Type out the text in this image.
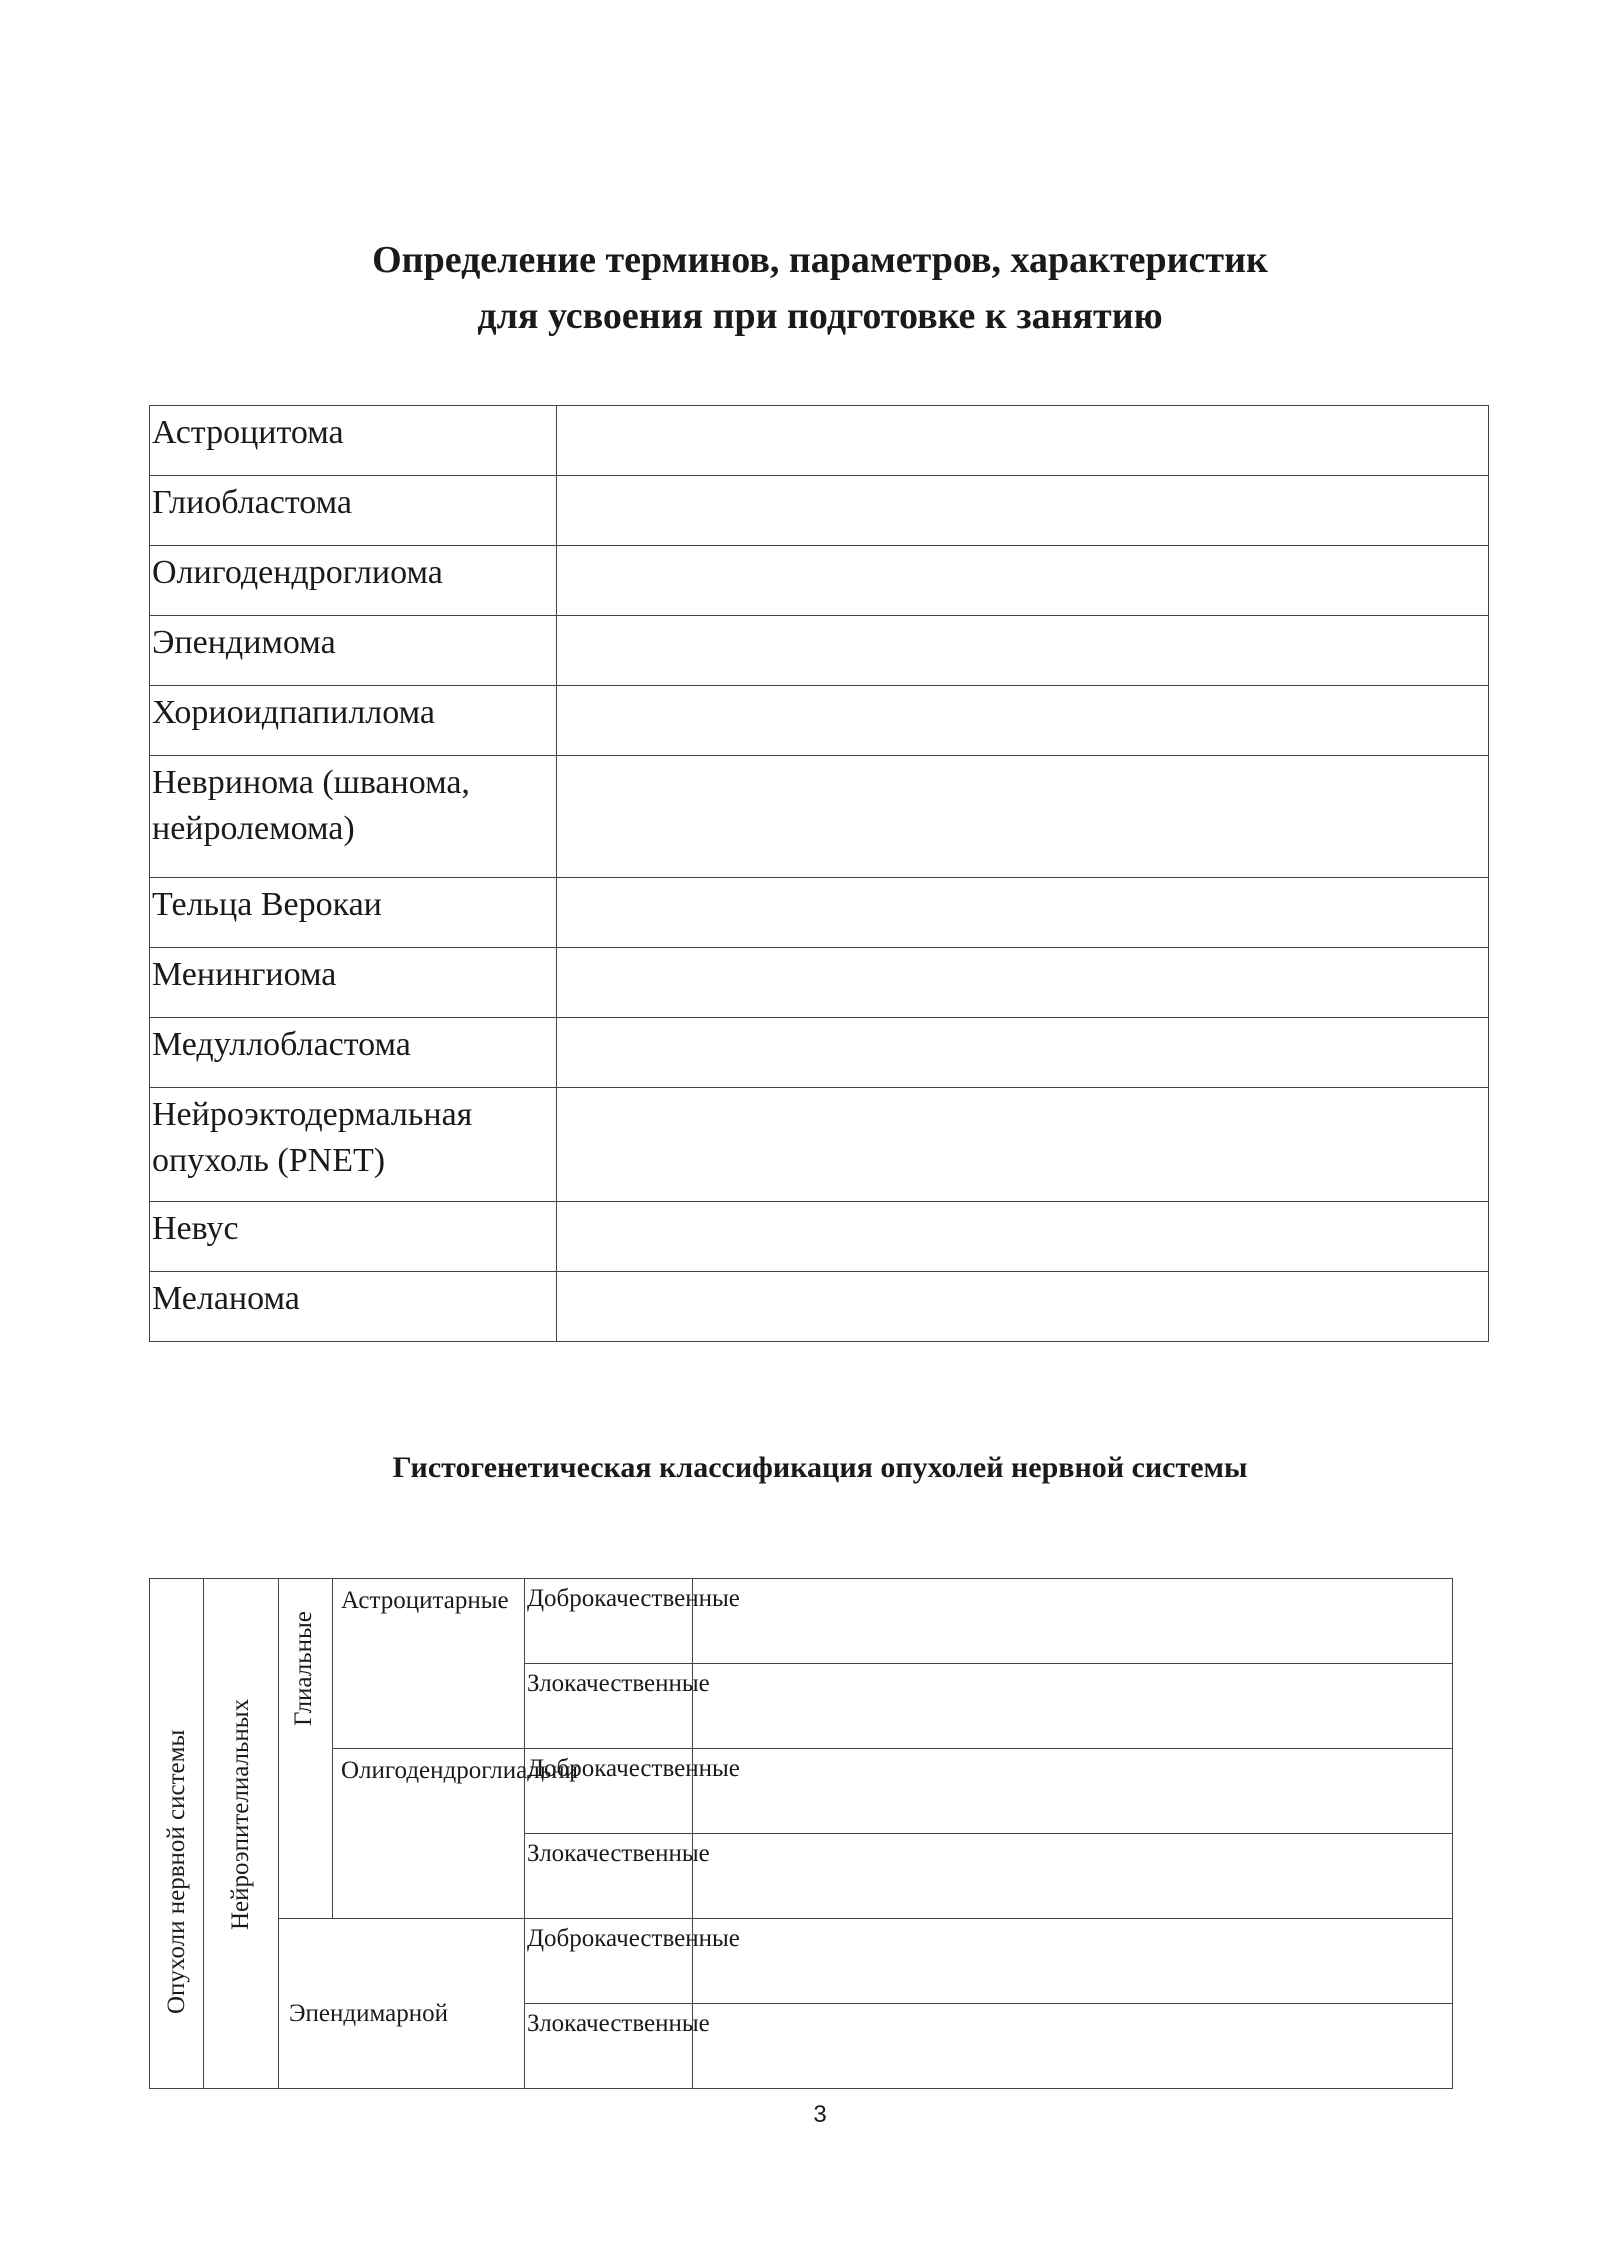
Определение терминов, параметров, характеристик
для усвоения при подготовке к занятию
Астроцитома	
Глиобластома	
Олигодендроглиома	
Эпендимома	
Хориоидпапиллома	
Невринома (шванома, нейролемома)	
Тельца Верокаи	
Менингиома	
Медуллобластома	
Нейроэктодермальная опухоль (PNET)	
Невус	
Меланома	
Гистогенетическая классификация опухолей нервной системы
Опухоли нервной системы	Нейроэпителиальных	Глиальные	Астроцитарные	Доброкачественные	
				Злокачественные	
			Олигодендроглиальни	Доброкачественные	
				Злокачественные	
		Эпендимарной		Доброкачественные	
				Злокачественные	
3
